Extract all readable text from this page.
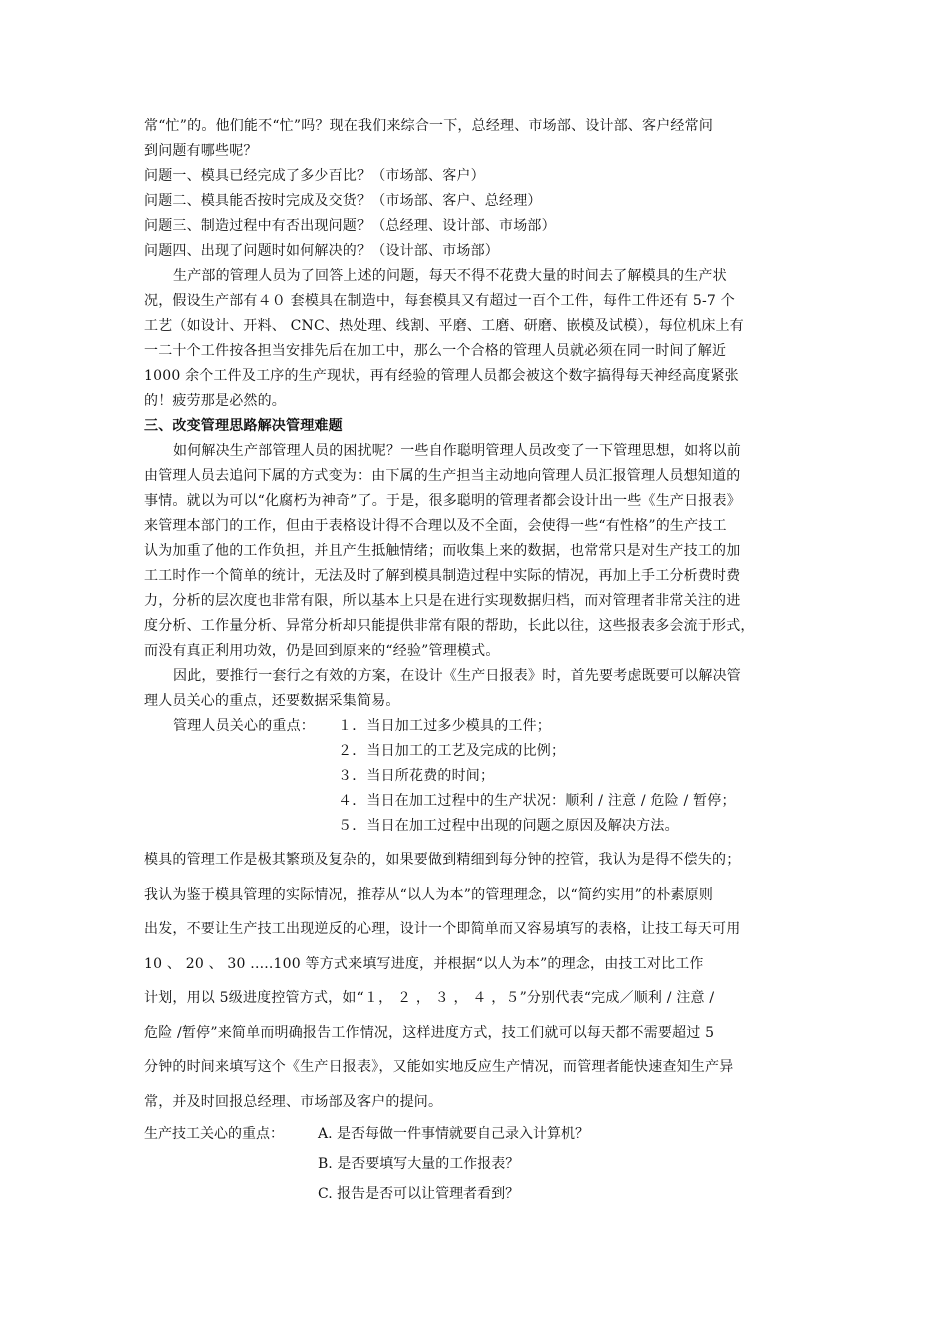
常“忙”的。他们能不“忙”吗？现在我们来综合一下，总经理、市场部、设计部、客户经常问
到问题有哪些呢？
问题一、模具已经完成了多少百比？（市场部、客户）
问题二、模具能否按时完成及交货？（市场部、客户、总经理）
问题三、制造过程中有否出现问题？（总经理、设计部、市场部）
问题四、出现了问题时如何解决的？（设计部、市场部）
生产部的管理人员为了回答上述的问题，每天不得不花费大量的时间去了解模具的生产状
况，假设生产部有４０ 套模具在制造中，每套模具又有超过一百个工件，每件工件还有 5-7 个
工艺（如设计、开料、 CNC、热处理、线割、平磨、工磨、研磨、嵌模及试模），每位机床上有
一二十个工件按各担当安排先后在加工中，那么一个合格的管理人员就必须在同一时间了解近
1000 余个工件及工序的生产现状，再有经验的管理人员都会被这个数字搞得每天神经高度紧张
的！疲劳那是必然的。
三、改变管理思路解决管理难题
如何解决生产部管理人员的困扰呢？一些自作聪明管理人员改变了一下管理思想，如将以前
由管理人员去追问下属的方式变为：由下属的生产担当主动地向管理人员汇报管理人员想知道的
事情。就以为可以“化腐朽为神奇”了。于是，很多聪明的管理者都会设计出一些《生产日报表》
来管理本部门的工作，但由于表格设计得不合理以及不全面，会使得一些“有性格”的生产技工
认为加重了他的工作负担，并且产生抵触情绪；而收集上来的数据，也常常只是对生产技工的加
工工时作一个简单的统计，无法及时了解到模具制造过程中实际的情况，再加上手工分析费时费
力，分析的层次度也非常有限，所以基本上只是在进行实现数据归档，而对管理者非常关注的进
度分析、工作量分析、异常分析却只能提供非常有限的帮助，长此以往，这些报表多会流于形式，
而没有真正利用功效，仍是回到原来的“经验”管理模式。
因此，要推行一套行之有效的方案，在设计《生产日报表》时，首先要考虑既要可以解决管
理人员关心的重点，还要数据采集简易。
管理人员关心的重点： １．当日加工过多少模具的工件；
２．当日加工的工艺及完成的比例；
３．当日所花费的时间；
４．当日在加工过程中的生产状况：顺利 / 注意 / 危险 / 暂停；
５．当日在加工过程中出现的问题之原因及解决方法。
模具的管理工作是极其繁琐及复杂的，如果要做到精细到每分钟的控管，我认为是得不偿失的；
我认为鉴于模具管理的实际情况，推荐从“以人为本”的管理理念，以“简约实用”的朴素原则
出发，不要让生产技工出现逆反的心理，设计一个即简单而又容易填写的表格，让技工每天可用
10 、 20 、 30 .....100 等方式来填写进度，并根据“以人为本”的理念，由技工对比工作
计划，用以 5级进度控管方式，如“１， ２ ， ３ ， ４ ，５”分别代表“完成／顺利 / 注意 /
危险 /暂停”来简单而明确报告工作情况，这样进度方式，技工们就可以每天都不需要超过 5
分钟的时间来填写这个《生产日报表》，又能如实地反应生产情况，而管理者能快速查知生产异
常，并及时回报总经理、市场部及客户的提问。
生产技工关心的重点： A. 是否每做一件事情就要自己录入计算机？
B. 是否要填写大量的工作报表？
C. 报告是否可以让管理者看到？
